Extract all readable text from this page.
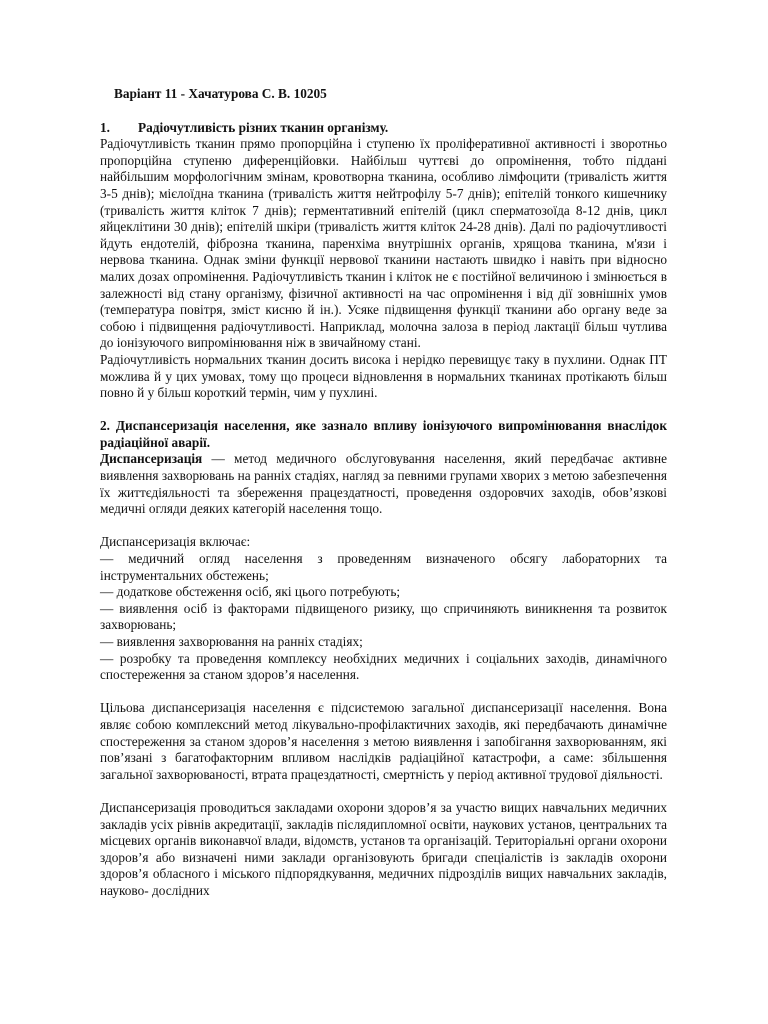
Варіант 11 - Хачатурова С. В. 10205
1. Радіочутливість різних тканин організму.

Радіочутливість тканин прямо пропорційна і ступеню їх проліферативної активності і зворотньо пропорційна ступеню диференційовки. Найбільш чуттєві до опромінення, тобто піддані найбільшим морфологічним змінам, кровотворна тканина, особливо лімфоцити (тривалість життя 3-5 днів); мієлоїдна тканина (тривалість життя нейтрофілу 5-7 днів); епітелій тонкого кишечнику (тривалість життя кліток 7 днів); герментативний епітелій (цикл сперматозоїда 8-12 днів, цикл яйцеклітини 30 днів); епітелій шкіри (тривалість життя кліток 24-28 днів). Далі по радіочутливості йдуть ендотелій, фіброзна тканина, паренхіма внутрішніх органів, хрящова тканина, м'язи і нервова тканина. Однак зміни функції нервової тканини настають швидко і навіть при відносно малих дозах опромінення. Радіочутливість тканин і кліток не є постійної величиною і змінюється в залежності від стану організму, фізичної активності на час опромінення і від дії зовнішніх умов (температура повітря, зміст кисню й ін.). Усяке підвищення функції тканини або органу веде за собою і підвищення радіочутливості. Наприклад, молочна залоза в період лактації більш чутлива до іонізуючого випромінювання ніж в звичайному стані.

Радіочутливість нормальних тканин досить висока і нерідко перевищує таку в пухлини. Однак ПТ можлива й у цих умовах, тому що процеси відновлення в нормальних тканинах протікають більш повно й у більш короткий термін, чим у пухлині.

2. Диспансеризація населення, яке зазнало впливу іонізуючого випромінювання внаслідок радіаційної аварії.

Диспансеризація — метод медичного обслуговування населення, який передбачає активне виявлення захворювань на ранніх стадіях, нагляд за певними групами хворих з метою забезпечення їх життєдіяльності та збереження працездатності, проведення оздоровчих заходів, обов’язкові медичні огляди деяких категорій населення тощо.

Диспансеризація включає:

— медичний огляд населення з проведенням визначеного обсягу лабораторних та інструментальних обстежень;

— додаткове обстеження осіб, які цього потребують;

— виявлення осіб із факторами підвищеного ризику, що спричиняють виникнення та розвиток захворювань;

— виявлення захворювання на ранніх стадіях;

— розробку та проведення комплексу необхідних медичних і соціальних заходів, динамічного спостереження за станом здоров’я населення.

Цільова диспансеризація населення є підсистемою загальної диспансеризації населення. Вона являє собою комплексний метод лікувально-профілактичних заходів, які передбачають динамічне спостереження за станом здоров’я населення з метою виявлення і запобігання захворюванням, які пов’язані з багатофакторним впливом наслідків радіаційної катастрофи, а саме: збільшення загальної захворюваності, втрата працездатності, смертність у період активної трудової діяльності.

Диспансеризація проводиться закладами охорони здоров’я за участю вищих навчальних медичних закладів усіх рівнів акредитації, закладів післядипломної освіти, наукових установ, центральних та місцевих органів виконавчої влади, відомств, установ та організацій. Територіальні органи охорони здоров’я або визначені ними заклади організовують бригади спеціалістів із закладів охорони здоров’я обласного і міського підпорядкування, медичних підрозділів вищих навчальних закладів, науково- дослідних
